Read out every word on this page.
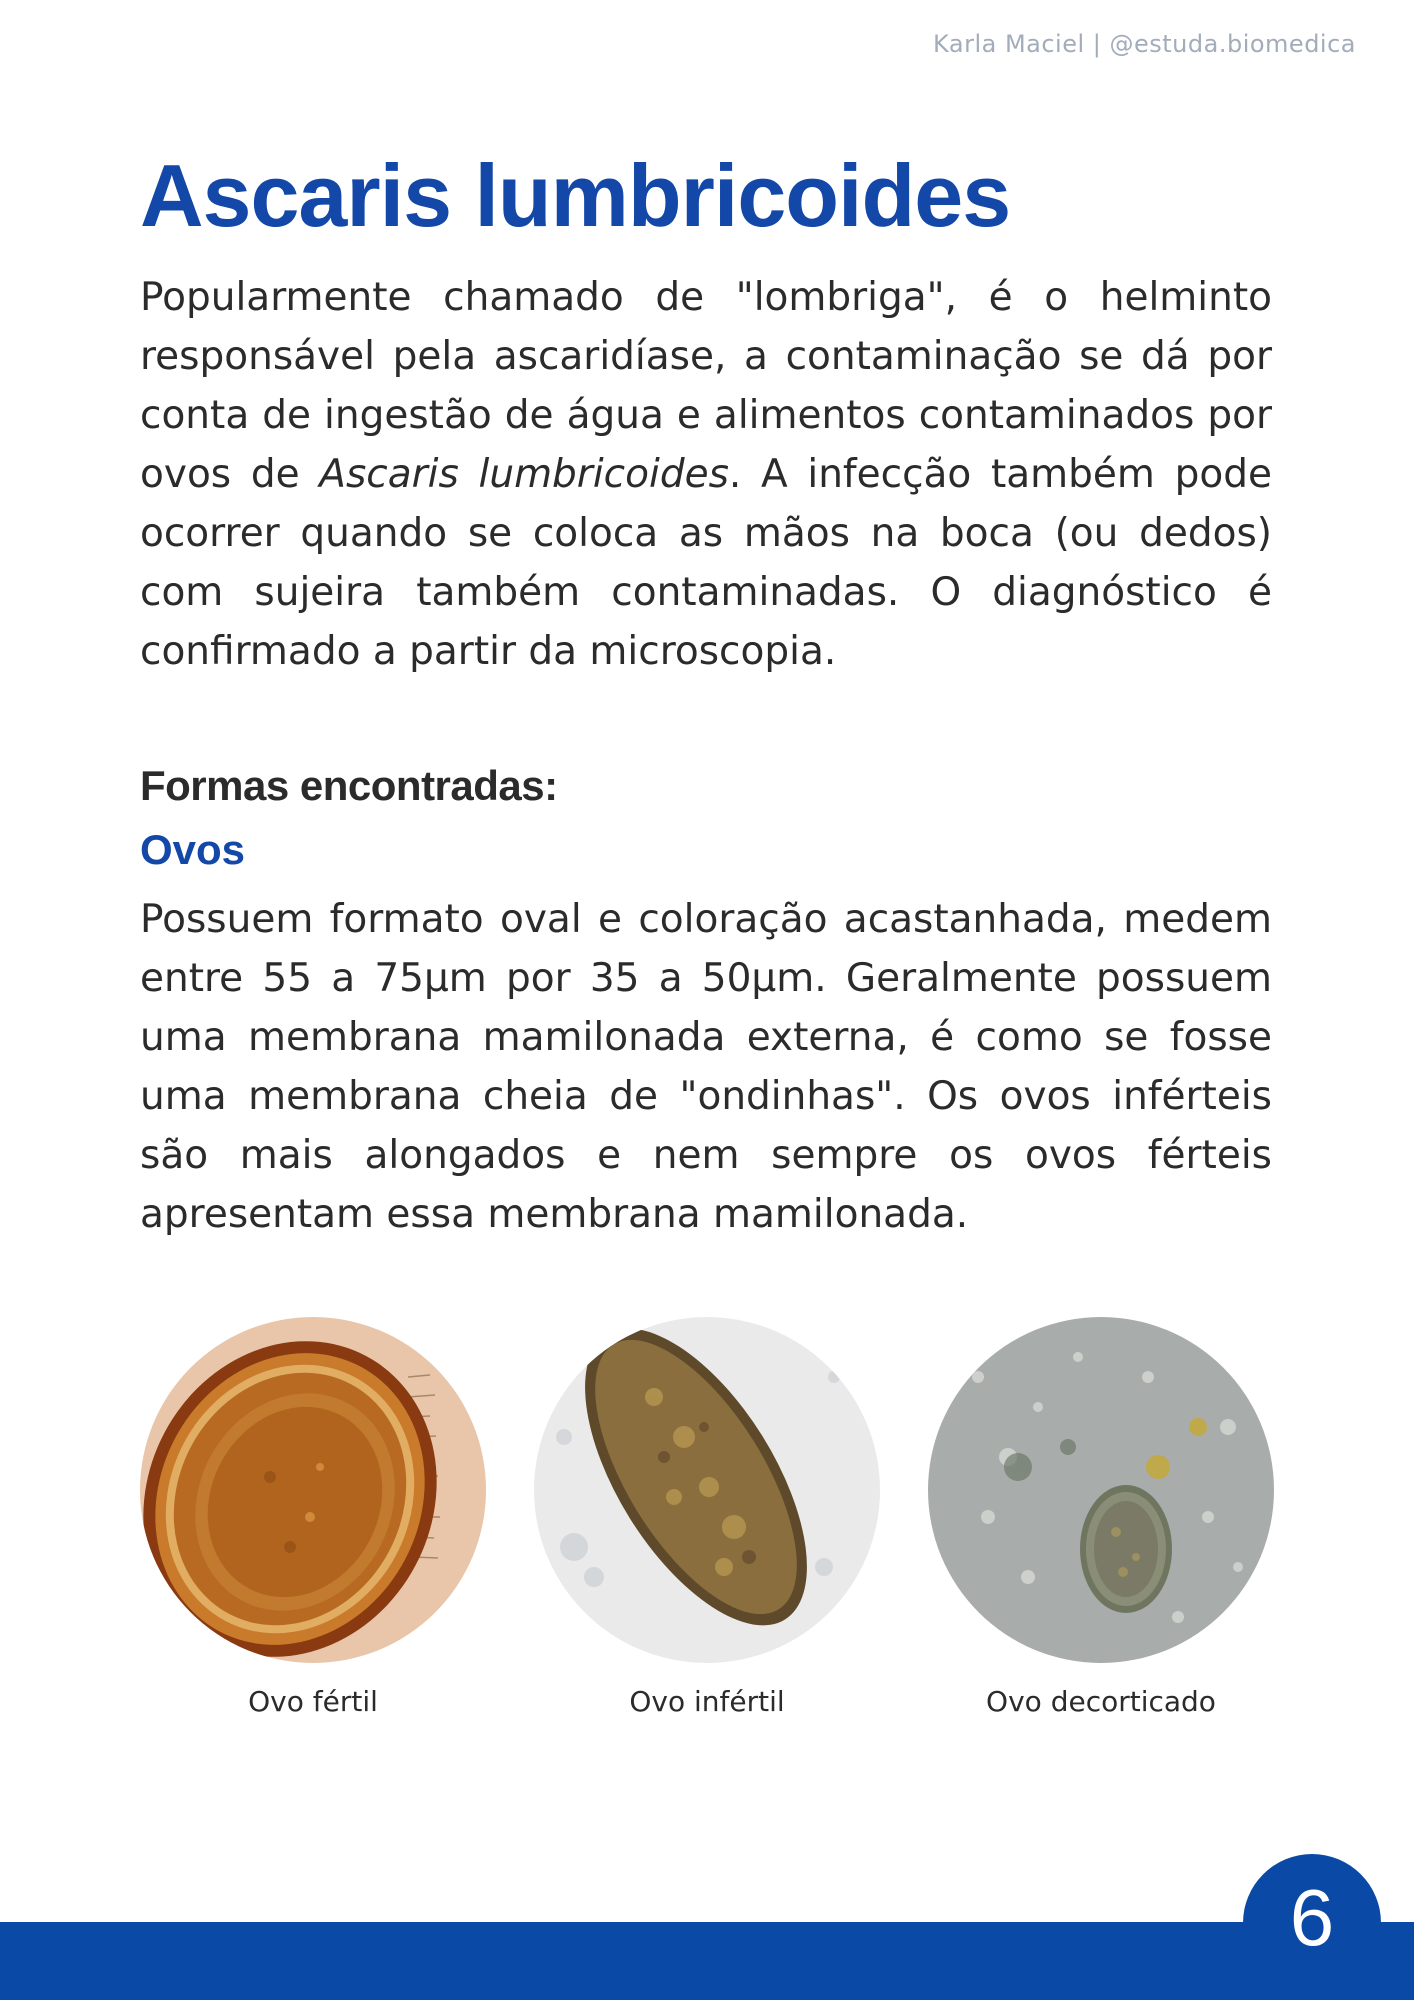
Karla Maciel | @estuda.biomedica
Ascaris lumbricoides

Popularmente chamado de "lombriga", é o helminto responsável pela ascaridíase, a contaminação se dá por conta de ingestão de água e alimentos contaminados por ovos de Ascaris lumbricoides. A infecção também pode ocorrer quando se coloca as mãos na boca (ou dedos) com sujeira também contaminadas. O diagnóstico é confirmado a partir da microscopia.

Formas encontradas:
Ovos

Possuem formato oval e coloração acastanhada, medem entre 55 a 75μm por 35 a 50μm. Geralmente possuem uma membrana mamilonada externa, é como se fosse uma membrana cheia de "ondinhas". Os ovos inférteis são mais alongados e nem sempre os ovos férteis apresentam essa membrana mamilonada.

Ovo fértil	Ovo infértil	Ovo decorticado
6
